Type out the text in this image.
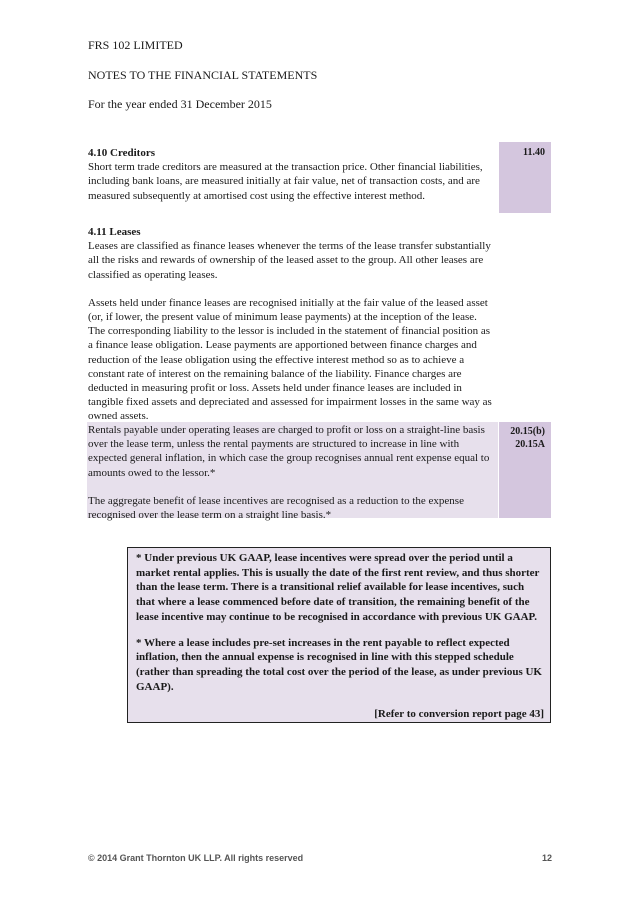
FRS 102 LIMITED
NOTES TO THE FINANCIAL STATEMENTS
For the year ended 31 December 2015
11.40

4.10 Creditors

Short term trade creditors are measured at the transaction price. Other financial liabilities, including bank loans, are measured initially at fair value, net of transaction costs, and are measured subsequently at amortised cost using the effective interest method.

4.11 Leases

Leases are classified as finance leases whenever the terms of the lease transfer substantially all the risks and rewards of ownership of the leased asset to the group. All other leases are classified as operating leases.

Assets held under finance leases are recognised initially at the fair value of the leased asset (or, if lower, the present value of minimum lease payments) at the inception of the lease. The corresponding liability to the lessor is included in the statement of financial position as a finance lease obligation. Lease payments are apportioned between finance charges and reduction of the lease obligation using the effective interest method so as to achieve a constant rate of interest on the remaining balance of the liability. Finance charges are deducted in measuring profit or loss. Assets held under finance leases are included in tangible fixed assets and depreciated and assessed for impairment losses in the same way as owned assets.

Rentals payable under operating leases are charged to profit or loss on a straight-line basis over the lease term, unless the rental payments are structured to increase in line with expected general inflation, in which case the group recognises annual rent expense equal to amounts owed to the lessor.*

The aggregate benefit of lease incentives are recognised as a reduction to the expense recognised over the lease term on a straight line basis.*

20.15(b)
20.15A

* Under previous UK GAAP, lease incentives were spread over the period until a market rental applies. This is usually the date of the first rent review, and thus shorter than the lease term. There is a transitional relief available for lease incentives, such that where a lease commenced before date of transition, the remaining benefit of the lease incentive may continue to be recognised in accordance with previous UK GAAP.

* Where a lease includes pre-set increases in the rent payable to reflect expected inflation, then the annual expense is recognised in line with this stepped schedule (rather than spreading the total cost over the period of the lease, as under previous UK GAAP).

[Refer to conversion report page 43]
© 2014 Grant Thornton UK LLP. All rights reserved	12
